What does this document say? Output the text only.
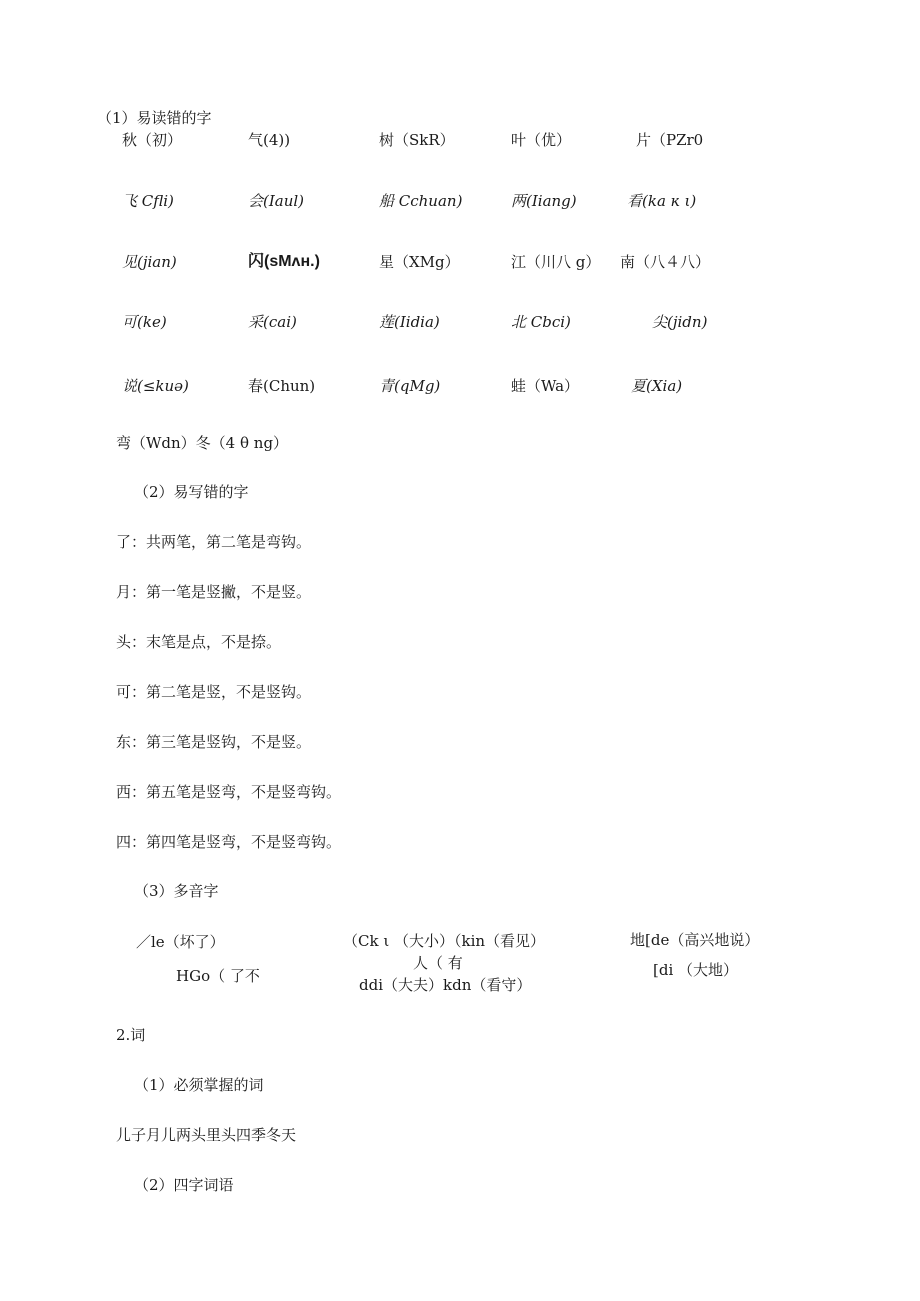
（1）易读错的字
秋（初）	气(4))	树（SkR）	叶（优）	片（PZr0
飞 Cfli)	会(Iaul)	船 Cchuan)	两(Iiang)	看(ka ĸ ι)
见(jian)	闪(sMʌн.)	星（XMg）	江（川八 g） 南（八４八）
可(ke)	采(cai)	莲(Iidia)	北 Cbci)	尖(jidn)
说(≤kuə)	春(Chun)	青(qMg)	蛙（Wa）	夏(Xia)
弯（Wdn）冬（4 θ ng）
（2）易写错的字
了：共两笔，第二笔是弯钩。
月：第一笔是竖撇，不是竖。
头：末笔是点，不是捺。
可：第二笔是竖，不是竖钩。
东：第三笔是竖钩，不是竖。
西：第五笔是竖弯，不是竖弯钩。
四：第四笔是竖弯，不是竖弯钩。
（3）多音字
／le（坏了）
HGo（ 了不
（Ck ι （大小）（kin（看见）
人（ 有
ddi（大夫）kdn（看守）
地[de（高兴地说）
[di （大地）
2.词
（1）必须掌握的词
儿子月儿两头里头四季冬天
（2）四字词语
